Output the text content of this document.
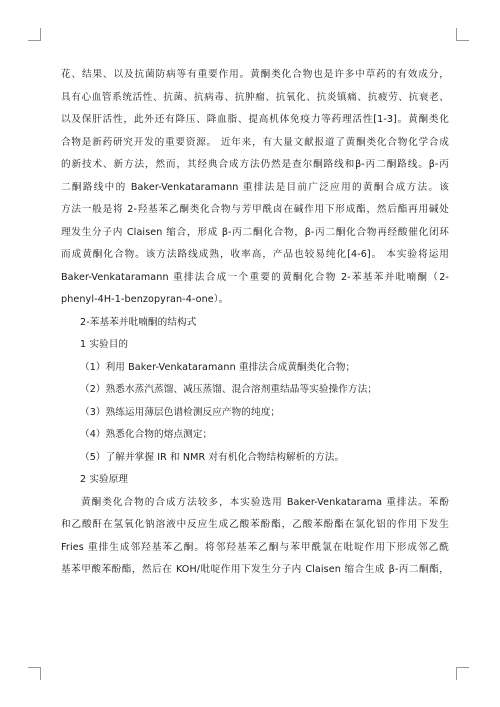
花、结果、以及抗菌防病等有重要作用。黄酮类化合物也是许多中草药的有效成分，
具有心血管系统活性、抗菌、抗病毒、抗肿瘤、抗氧化、抗炎镇痛、抗疲劳、抗衰老、
以及保肝活性，此外还有降压、降血脂、提高机体免疫力等药理活性[1-3]。黄酮类化
合物是新药研究开发的重要资源。 近年来，有大量文献报道了黄酮类化合物化学合成
的新技术、新方法，然而，其经典合成方法仍然是查尔酮路线和β-丙二酮路线。β-丙
二酮路线中的 Baker-Venkataramann 重排法是目前广泛应用的黄酮合成方法。该
方法一般是将 2-羟基苯乙酮类化合物与芳甲酰卤在碱作用下形成酯，然后酯再用碱处
理发生分子内 Claisen 缩合，形成 β-丙二酮化合物，β-丙二酮化合物再经酸催化闭环
而成黄酮化合物。该方法路线成熟，收率高，产品也较易纯化[4-6]。 本实验将运用
Baker-Venkataramann 重排法合成一个重要的黄酮化合物 2-苯基苯并吡喃酮（2-
phenyl-4H-1-benzopyran-4-one）。
2-苯基苯并吡喃酮的结构式
1 实验目的
（1）利用 Baker-Venkataramann 重排法合成黄酮类化合物；
（2）熟悉水蒸汽蒸馏、减压蒸馏、混合溶剂重结晶等实验操作方法；
（3）熟练运用薄层色谱检测反应产物的纯度；
（4）熟悉化合物的熔点测定；
（5）了解并掌握 IR 和 NMR 对有机化合物结构解析的方法。
2 实验原理
黄酮类化合物的合成方法较多，本实验选用 Baker-Venkatarama 重排法。苯酚
和乙酸酐在氢氧化钠溶液中反应生成乙酸苯酚酯，乙酸苯酚酯在氯化铝的作用下发生
Fries 重排生成邻羟基苯乙酮。将邻羟基苯乙酮与苯甲酰氯在吡啶作用下形成邻乙酰
基苯甲酸苯酚酯，然后在 KOH/吡啶作用下发生分子内 Claisen 缩合生成 β-丙二酮酯，
